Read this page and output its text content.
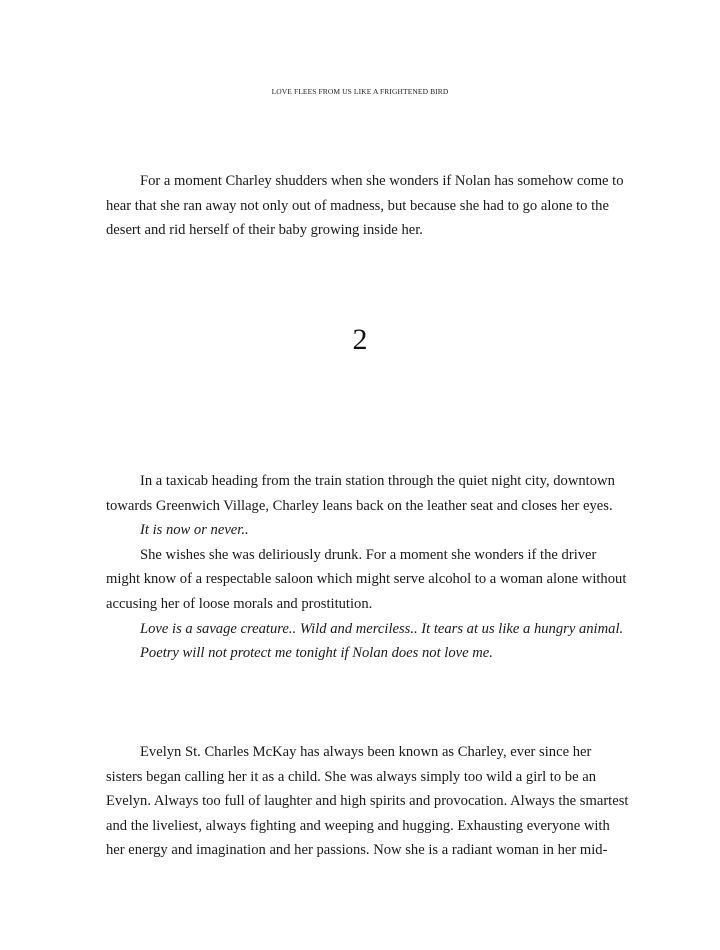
LOVE FLEES FROM US LIKE A FRIGHTENED BIRD

For a moment Charley shudders when she wonders if Nolan has somehow come to

hear that she ran away not only out of madness, but because she had to go alone to the

desert and rid herself of their baby growing inside her.

2

In a taxicab heading from the train station through the quiet night city, downtown

towards Greenwich Village, Charley leans back on the leather seat and closes her eyes.

It is now or never..

She wishes she was deliriously drunk. For a moment she wonders if the driver

might know of a respectable saloon which might serve alcohol to a woman alone without

accusing her of loose morals and prostitution.

Love is a savage creature.. Wild and merciless.. It tears at us like a hungry animal.

Poetry will not protect me tonight if Nolan does not love me.

Evelyn St. Charles McKay has always been known as Charley, ever since her

sisters began calling her it as a child. She was always simply too wild a girl to be an

Evelyn. Always too full of laughter and high spirits and provocation. Always the smartest

and the liveliest, always fighting and weeping and hugging. Exhausting everyone with

her energy and imagination and her passions. Now she is a radiant woman in her mid-
